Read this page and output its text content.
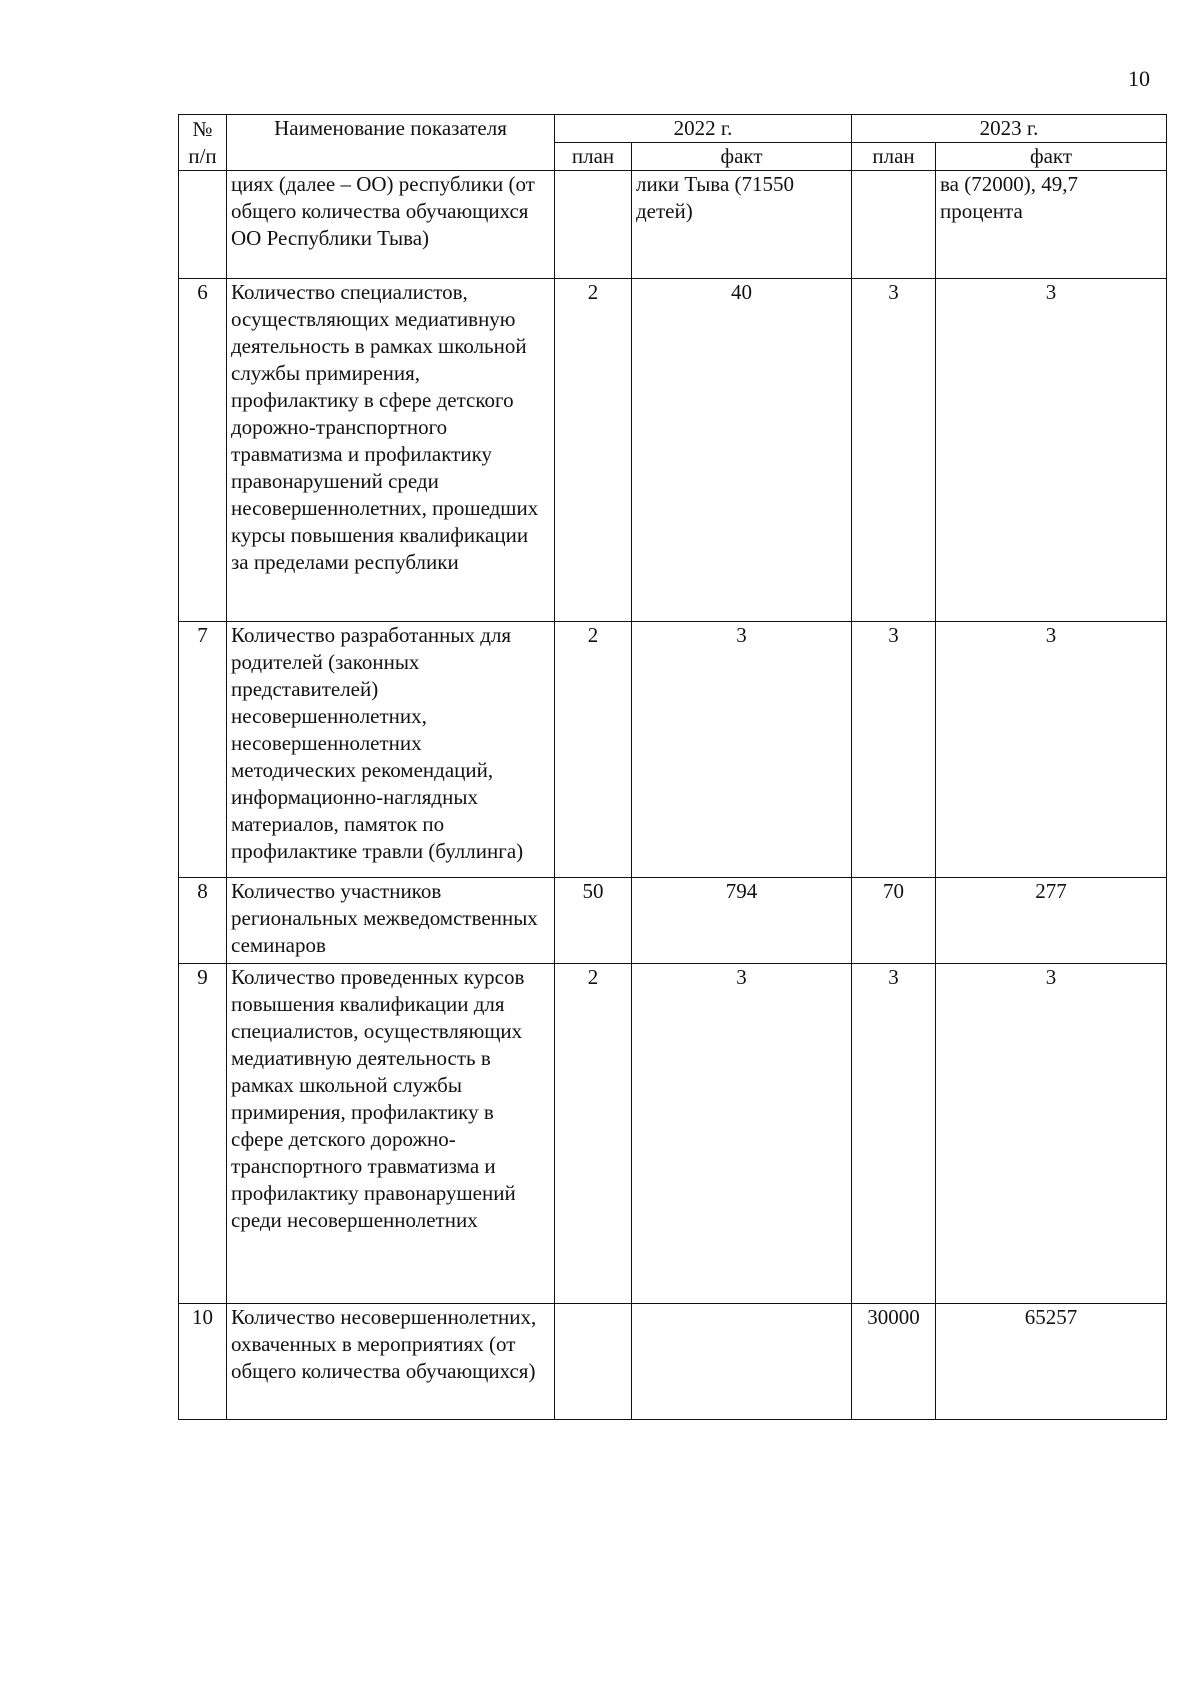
10
№
п/п	Наименование показателя	2022 г.		2023 г.	
		план	факт	план	факт
	циях (далее – ОО) республики (от общего количества обучающихся ОО Республики Тыва)		лики Тыва (71550 детей)		ва (72000), 49,7 процента
6	Количество специалистов, осуществляющих медиативную деятельность в рамках школьной службы примирения, профилактику в сфере детского дорожно-транспортного травматизма и профилактику правонарушений среди несовершеннолетних, прошедших курсы повышения квалификации за пределами республики	2	40	3	3
7	Количество разработанных для родителей (законных представителей) несовершеннолетних, несовершеннолетних методических рекомендаций, информационно-наглядных материалов, памяток по профилактике травли (буллинга)	2	3	3	3
8	Количество участников региональных межведомственных семинаров	50	794	70	277
9	Количество проведенных курсов повышения квалификации для специалистов, осуществляющих медиативную деятельность в рамках школьной службы примирения, профилактику в сфере детского дорожно-транспортного травматизма и профилактику правонарушений среди несовершеннолетних	2	3	3	3
10	Количество несовершеннолетних, охваченных в мероприятиях (от общего количества обучающихся)			30000	65257
